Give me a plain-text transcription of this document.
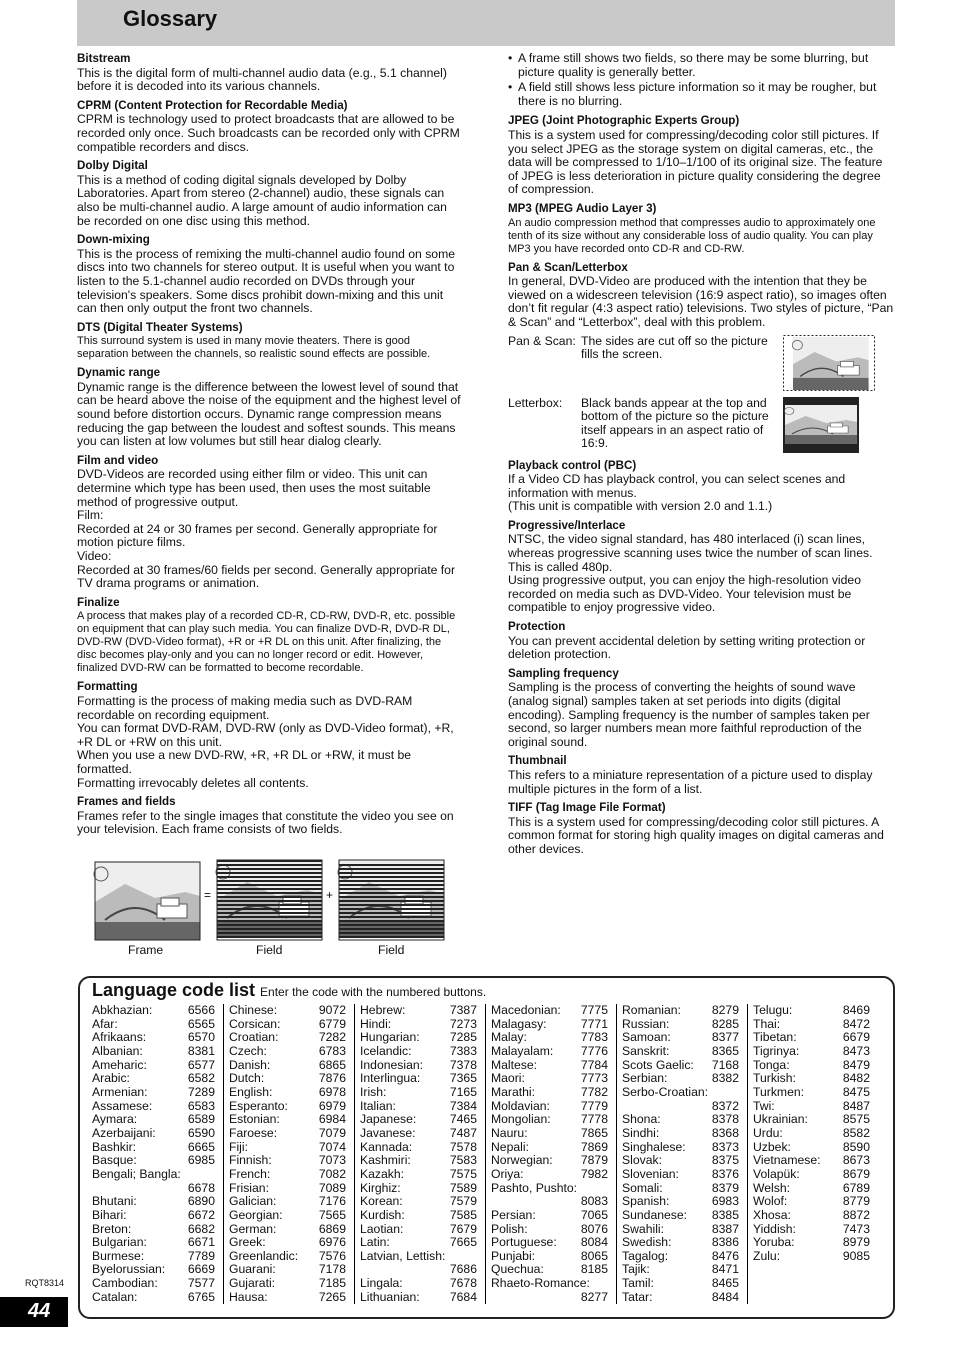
Glossary
Bitstream
This is the digital form of multi-channel audio data (e.g., 5.1 channel) before it is decoded into its various channels.
CPRM (Content Protection for Recordable Media)
CPRM is technology used to protect broadcasts that are allowed to be recorded only once. Such broadcasts can be recorded only with CPRM compatible recorders and discs.
Dolby Digital
This is a method of coding digital signals developed by Dolby Laboratories. Apart from stereo (2-channel) audio, these signals can also be multi-channel audio. A large amount of audio information can be recorded on one disc using this method.
Down-mixing
This is the process of remixing the multi-channel audio found on some discs into two channels for stereo output. It is useful when you want to listen to the 5.1-channel audio recorded on DVDs through your television's speakers. Some discs prohibit down-mixing and this unit can then only output the front two channels.
DTS (Digital Theater Systems)
This surround system is used in many movie theaters. There is good separation between the channels, so realistic sound effects are possible.
Dynamic range
Dynamic range is the difference between the lowest level of sound that can be heard above the noise of the equipment and the highest level of sound before distortion occurs. Dynamic range compression means reducing the gap between the loudest and softest sounds. This means you can listen at low volumes but still hear dialog clearly.
Film and video
DVD-Videos are recorded using either film or video. This unit can determine which type has been used, then uses the most suitable method of progressive output.
Film:
Recorded at 24 or 30 frames per second. Generally appropriate for motion picture films.
Video:
Recorded at 30 frames/60 fields per second. Generally appropriate for TV drama programs or animation.
Finalize
A process that makes play of a recorded CD-R, CD-RW, DVD-R, etc. possible on equipment that can play such media. You can finalize DVD-R, DVD-R DL, DVD-RW (DVD-Video format), +R or +R DL on this unit. After finalizing, the disc becomes play-only and you can no longer record or edit. However, finalized DVD-RW can be formatted to become recordable.
Formatting
Formatting is the process of making media such as DVD-RAM recordable on recording equipment.
You can format DVD-RAM, DVD-RW (only as DVD-Video format), +R, +R DL or +RW on this unit.
When you use a new DVD-RW, +R, +R DL or +RW, it must be formatted.
Formatting irrevocably deletes all contents.
Frames and fields
Frames refer to the single images that constitute the video you see on your television. Each frame consists of two fields.
=	+
Frame	Field	Field
• A frame still shows two fields, so there may be some blurring, but picture quality is generally better.
• A field still shows less picture information so it may be rougher, but there is no blurring.
JPEG (Joint Photographic Experts Group)
This is a system used for compressing/decoding color still pictures. If you select JPEG as the storage system on digital cameras, etc., the data will be compressed to 1/10–1/100 of its original size. The feature of JPEG is less deterioration in picture quality considering the degree of compression.
MP3 (MPEG Audio Layer 3)
An audio compression method that compresses audio to approximately one tenth of its size without any considerable loss of audio quality. You can play MP3 you have recorded onto CD-R and CD-RW.
Pan & Scan/Letterbox
In general, DVD-Video are produced with the intention that they be viewed on a widescreen television (16:9 aspect ratio), so images often don’t fit regular (4:3 aspect ratio) televisions. Two styles of picture, “Pan & Scan” and “Letterbox”, deal with this problem.
Pan & Scan: The sides are cut off so the picture fills the screen.
Letterbox:	Black bands appear at the top and bottom of the picture so the picture itself appears in an aspect ratio of 16:9.
Playback control (PBC)
If a Video CD has playback control, you can select scenes and information with menus.
(This unit is compatible with version 2.0 and 1.1.)
Progressive/Interlace
NTSC, the video signal standard, has 480 interlaced (i) scan lines, whereas progressive scanning uses twice the number of scan lines. This is called 480p.
Using progressive output, you can enjoy the high-resolution video recorded on media such as DVD-Video. Your television must be compatible to enjoy progressive video.
Protection
You can prevent accidental deletion by setting writing protection or deletion protection.
Sampling frequency
Sampling is the process of converting the heights of sound wave (analog signal) samples taken at set periods into digits (digital encoding). Sampling frequency is the number of samples taken per second, so larger numbers mean more faithful reproduction of the original sound.
Thumbnail
This refers to a miniature representation of a picture used to display multiple pictures in the form of a list.
TIFF (Tag Image File Format)
This is a system used for compressing/decoding color still pictures. A common format for storing high quality images on digital cameras and other devices.
Language code list Enter the code with the numbered buttons.
Abkhazian:	6566
Afar:	6565
Afrikaans:	6570
Albanian:	8381
Ameharic:	6577
Arabic:	6582
Armenian:	7289
Assamese:	6583
Aymara:	6589
Azerbaijani:	6590
Bashkir:	6665
Basque:	6985
Bengali; Bangla:
6678
Bhutani:	6890
Bihari:	6672
Breton:	6682
Bulgarian:	6671
Burmese:	7789
Byelorussian: 6669
Cambodian: 7577
Catalan:	6765
Chinese:	9072
Corsican:	6779
Croatian:	7282
Czech:	6783
Danish:	6865
Dutch:	7876
English:	6978
Esperanto:	6979
Estonian:	6984
Faroese:	7079
Fiji:	7074
Finnish:	7073
French:	7082
Frisian:	7089
Galician:	7176
Georgian:	7565
German:	6869
Greek:	6976
Greenlandic: 7576
Guarani:	7178
Gujarati:	7185
Hausa:	7265
Hebrew:	7387
Hindi:	7273
Hungarian: 7285
Icelandic:	7383
Indonesian: 7378
Interlingua: 7365
Irish:	7165
Italian:	7384
Japanese:	7465
Javanese:	7487
Kannada:	7578
Kashmiri:	7583
Kazakh:	7575
Kirghiz:	7589
Korean:	7579
Kurdish:	7585
Laotian:	7679
Latin:	7665
Latvian, Lettish:
7686
Lingala:	7678
Lithuanian: 7684
Macedonian: 7775
Malagasy:	7771
Malay:	7783
Malayalam: 7776
Maltese:	7784
Maori:	7773
Marathi:	7782
Moldavian:	7779
Mongolian: 7778
Nauru:	7865
Nepali:	7869
Norwegian: 7879
Oriya:	7982
Pashto, Pushto:
8083
Persian:	7065
Polish:	8076
Portuguese: 8084
Punjabi:	8065
Quechua:	8185
Rhaeto-Romance:
8277
Romanian:	8279
Russian:	8285
Samoan:	8377
Sanskrit:	8365
Scots Gaelic: 7168
Serbian:	8382
Serbo-Croatian:
8372
Shona:	8378
Sindhi:	8368
Singhalese: 8373
Slovak:	8375
Slovenian:	8376
Somali:	8379
Spanish:	6983
Sundanese: 8385
Swahili:	8387
Swedish:	8386
Tagalog:	8476
Tajik:	8471
Tamil:	8465
Tatar:	8484
Telugu:	8469
Thai:	8472
Tibetan:	6679
Tigrinya:	8473
Tonga:	8479
Turkish:	8482
Turkmen:	8475
Twi:	8487
Ukrainian:	8575
Urdu:	8582
Uzbek:	8590
Vietnamese: 8673
Volapük:	8679
Welsh:	6789
Wolof:	8779
Xhosa:	8872
Yiddish:	7473
Yoruba:	8979
Zulu:	9085
RQT8314
44
